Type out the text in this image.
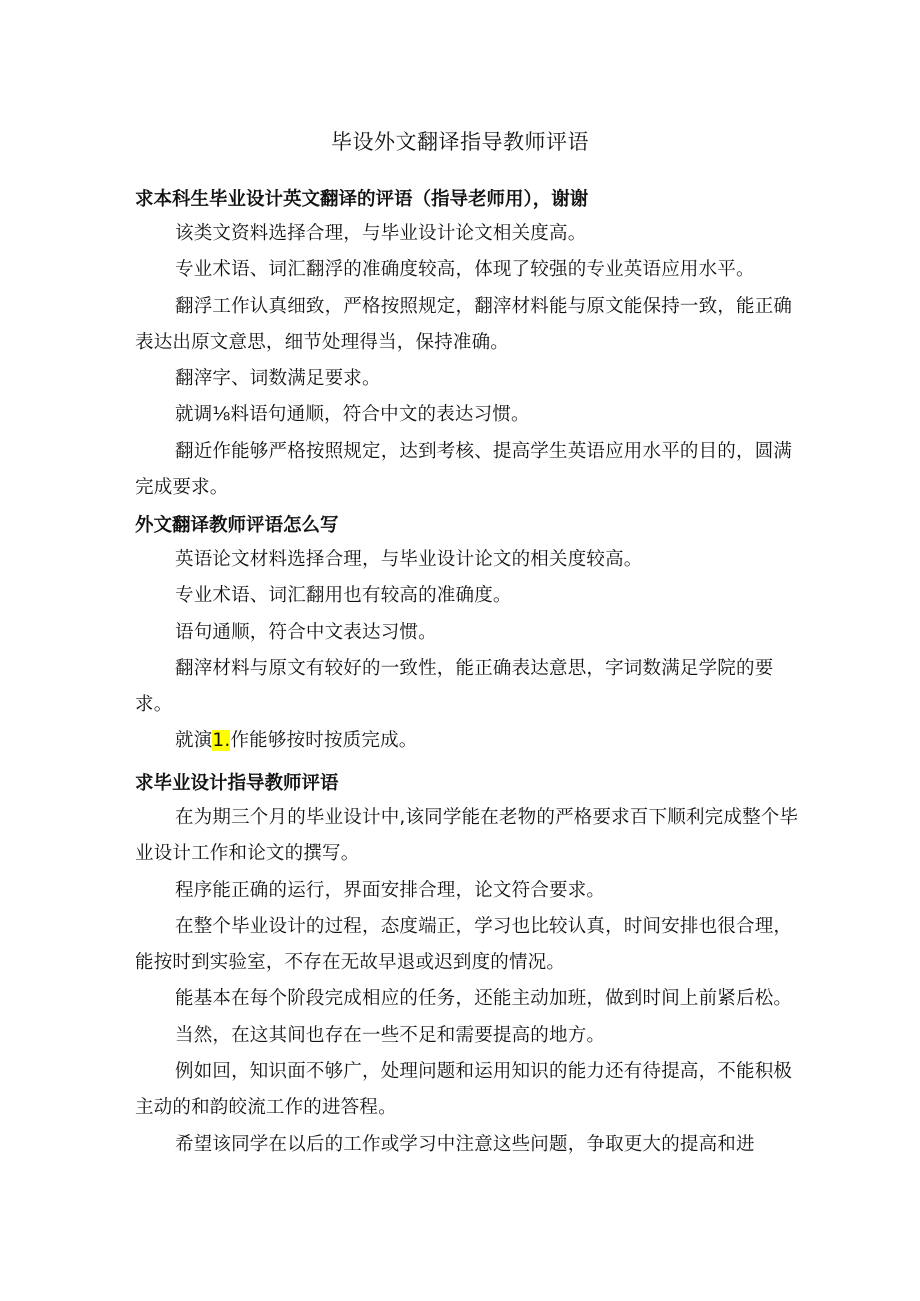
毕设外文翻译指导教师评语

求本科生毕业设计英文翻译的评语（指导老师用），谢谢

该类文资料选择合理，与毕业设计论文相关度高。

专业术语、词汇翻浮的准确度较高，体现了较强的专业英语应用水平。

翻浮工作认真细致，严格按照规定，翻滓材料能与原文能保持一致，能正确表达出原文意思，细节处理得当，保持准确。

翻滓字、词数满足要求。

就调⅛料语句通顺，符合中文的表达习惯。

翻近作能够严格按照规定，达到考核、提高学生英语应用水平的目的，圆满完成要求。

外文翻译教师评语怎么写

英语论文材料选择合理，与毕业设计论文的相关度较高。

专业术语、词汇翻用也有较高的准确度。

语句通顺，符合中文表达习惯。

翻滓材料与原文有较好的一致性，能正确表达意思，字词数满足学院的要求。

就演1.作能够按时按质完成。

求毕业设计指导教师评语

在为期三个月的毕业设计中,该同学能在老物的严格要求百下顺利完成整个毕业设计工作和论文的撰写。

程序能正确的运行，界面安排合理，论文符合要求。

在整个毕业设计的过程，态度端正，学习也比较认真，时间安排也很合理，能按时到实验室，不存在无故早退或迟到度的情况。

能基本在每个阶段完成相应的任务，还能主动加班，做到时间上前紧后松。

当然，在这其间也存在一些不足和需要提高的地方。

例如回，知识面不够广，处理问题和运用知识的能力还有待提高，不能积极主动的和韵皎流工作的进答程。

希望该同学在以后的工作或学习中注意这些问题，争取更大的提高和进
